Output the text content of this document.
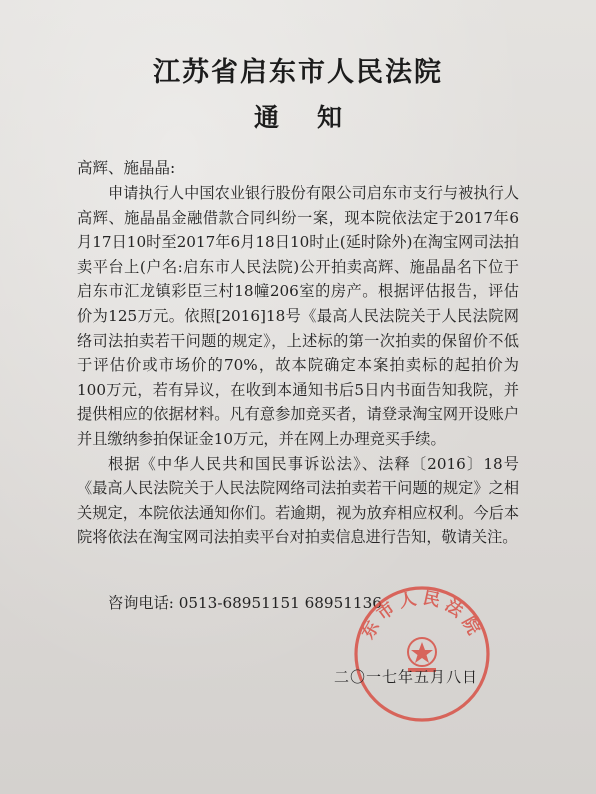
江苏省启东市人民法院
通知
高辉、施晶晶:

申请执行人中国农业银行股份有限公司启东市支行与被执行人高辉、施晶晶金融借款合同纠纷一案，现本院依法定于2017年6月17日10时至2017年6月18日10时止(延时除外)在淘宝网司法拍卖平台上(户名:启东市人民法院)公开拍卖高辉、施晶晶名下位于启东市汇龙镇彩臣三村18幢206室的房产。根据评估报告，评估价为125万元。依照[2016]18号《最高人民法院关于人民法院网络司法拍卖若干问题的规定》，上述标的第一次拍卖的保留价不低于评估价或市场价的70%，故本院确定本案拍卖标的起拍价为100万元，若有异议，在收到本通知书后5日内书面告知我院，并提供相应的依据材料。凡有意参加竞买者，请登录淘宝网开设账户并且缴纳参拍保证金10万元，并在网上办理竞买手续。

根据《中华人民共和国民事诉讼法》、法释〔2016〕18号《最高人民法院关于人民法院网络司法拍卖若干问题的规定》之相关规定，本院依法通知你们。若逾期，视为放弃相应权利。今后本院将依法在淘宝网司法拍卖平台对拍卖信息进行告知，敬请关注。

咨询电话: 0513-68951151 68951136
东市人民法院
二〇一七年五月八日
